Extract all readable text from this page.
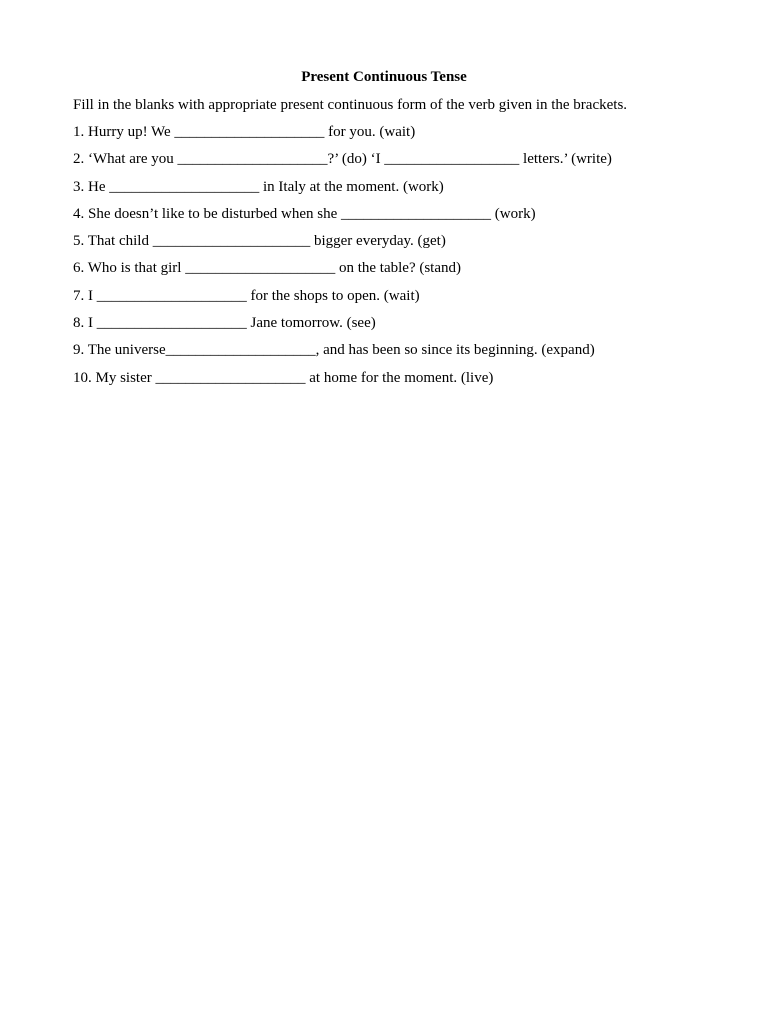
Present Continuous Tense
Fill in the blanks with appropriate present continuous form of the verb given in the brackets.
1. Hurry up! We ____________________ for you. (wait)
2. ‘What are you ____________________?’ (do) ‘I __________________ letters.’ (write)
3. He ____________________ in Italy at the moment. (work)
4. She doesn’t like to be disturbed when she ____________________ (work)
5. That child _____________________ bigger everyday. (get)
6. Who is that girl ____________________ on the table? (stand)
7. I ____________________ for the shops to open. (wait)
8. I ____________________ Jane tomorrow. (see)
9. The universe____________________, and has been so since its beginning. (expand)
10. My sister ____________________ at home for the moment. (live)
